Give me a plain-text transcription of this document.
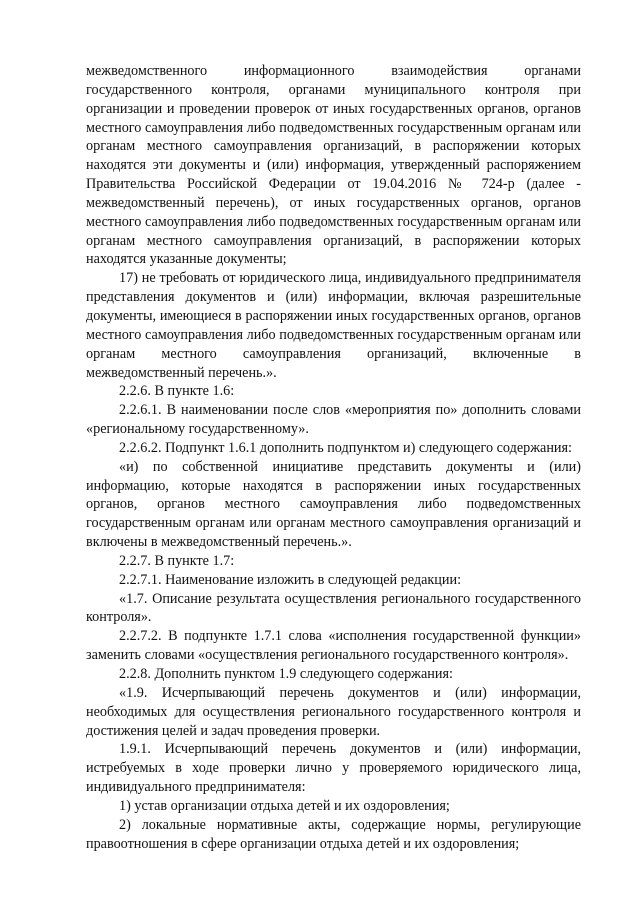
межведомственного информационного взаимодействия органами государственного контроля, органами муниципального контроля при организации и проведении проверок от иных государственных органов, органов местного самоуправления либо подведомственных государственным органам или органам местного самоуправления организаций, в распоряжении которых находятся эти документы и (или) информация, утвержденный распоряжением Правительства Российской Федерации от 19.04.2016 № 724-р (далее - межведомственный перечень), от иных государственных органов, органов местного самоуправления либо подведомственных государственным органам или органам местного самоуправления организаций, в распоряжении которых находятся указанные документы;

17) не требовать от юридического лица, индивидуального предпринимателя представления документов и (или) информации, включая разрешительные документы, имеющиеся в распоряжении иных государственных органов, органов местного самоуправления либо подведомственных государственным органам или органам местного самоуправления организаций, включенные в межведомственный перечень.».

2.2.6. В пункте 1.6:

2.2.6.1. В наименовании после слов «мероприятия по» дополнить словами «региональному государственному».

2.2.6.2. Подпункт 1.6.1 дополнить подпунктом и) следующего содержания:

«и) по собственной инициативе представить документы и (или) информацию, которые находятся в распоряжении иных государственных органов, органов местного самоуправления либо подведомственных государственным органам или органам местного самоуправления организаций и включены в межведомственный перечень.».

2.2.7. В пункте 1.7:

2.2.7.1. Наименование изложить в следующей редакции:

«1.7. Описание результата осуществления регионального государственного контроля».

2.2.7.2. В подпункте 1.7.1 слова «исполнения государственной функции» заменить словами «осуществления регионального государственного контроля».

2.2.8. Дополнить пунктом 1.9 следующего содержания:

«1.9. Исчерпывающий перечень документов и (или) информации, необходимых для осуществления регионального государственного контроля и достижения целей и задач проведения проверки.

1.9.1. Исчерпывающий перечень документов и (или) информации, истребуемых в ходе проверки лично у проверяемого юридического лица, индивидуального предпринимателя:

1) устав организации отдыха детей и их оздоровления;

2) локальные нормативные акты, содержащие нормы, регулирующие правоотношения в сфере организации отдыха детей и их оздоровления;
